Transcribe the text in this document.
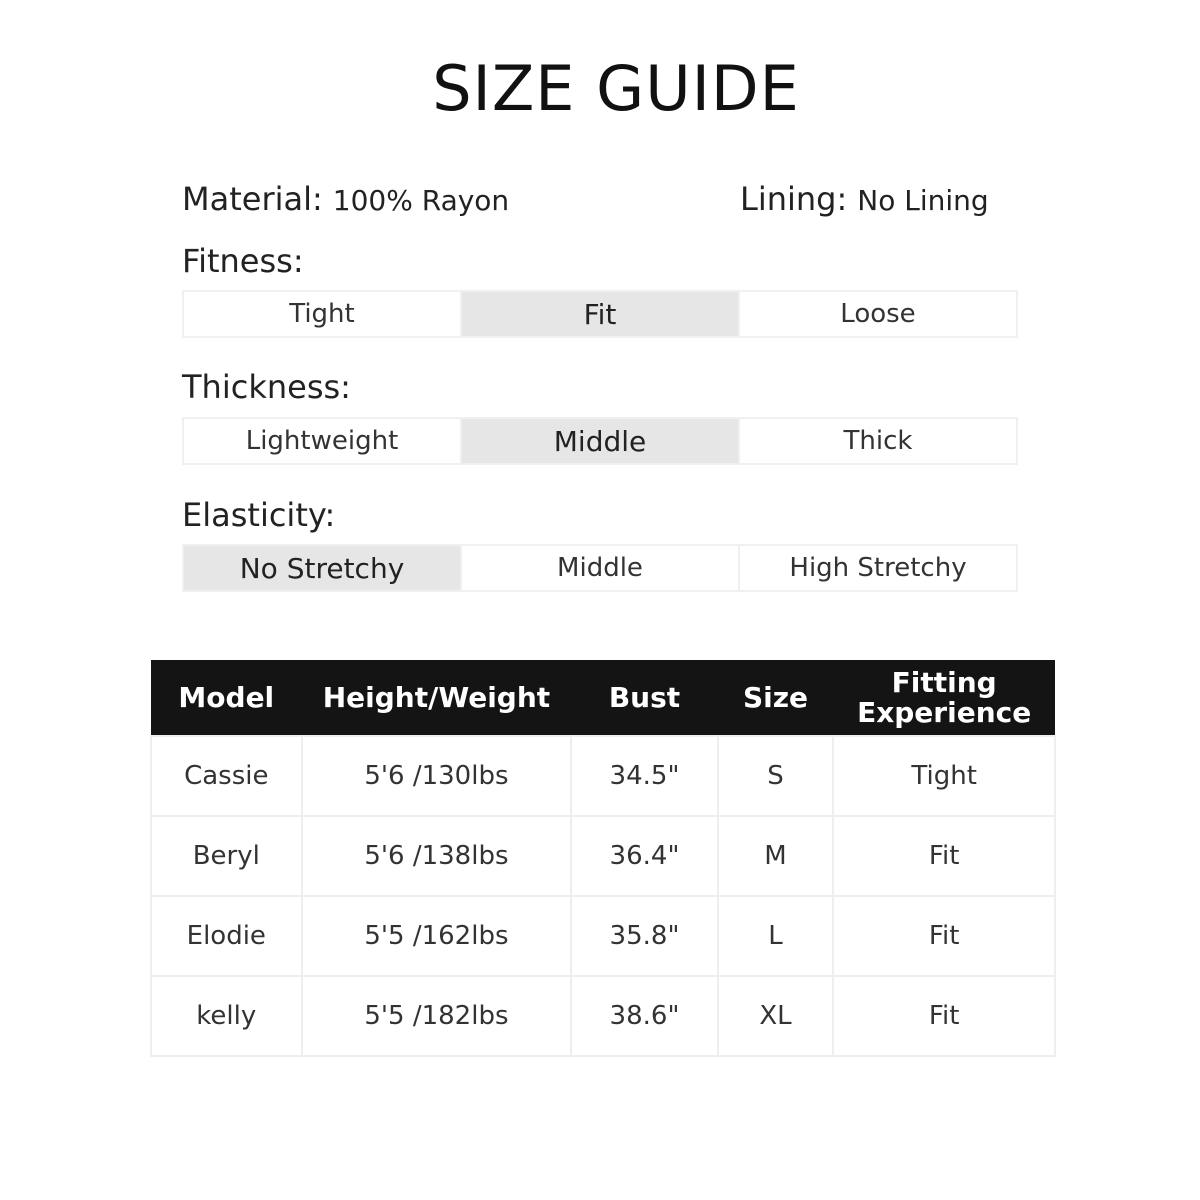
SIZE GUIDE
Material: 100% Rayon	Lining: No Lining
Fitness:
Tight	Fit	Loose
Thickness:
Lightweight	Middle	Thick
Elasticity:
No Stretchy	Middle	High Stretchy
Model	Height/Weight	Bust	Size	Fitting Experience
Cassie	5'6 /130lbs	34.5"	S	Tight
Beryl	5'6 /138lbs	36.4"	M	Fit
Elodie	5'5 /162lbs	35.8"	L	Fit
kelly	5'5 /182lbs	38.6"	XL	Fit
